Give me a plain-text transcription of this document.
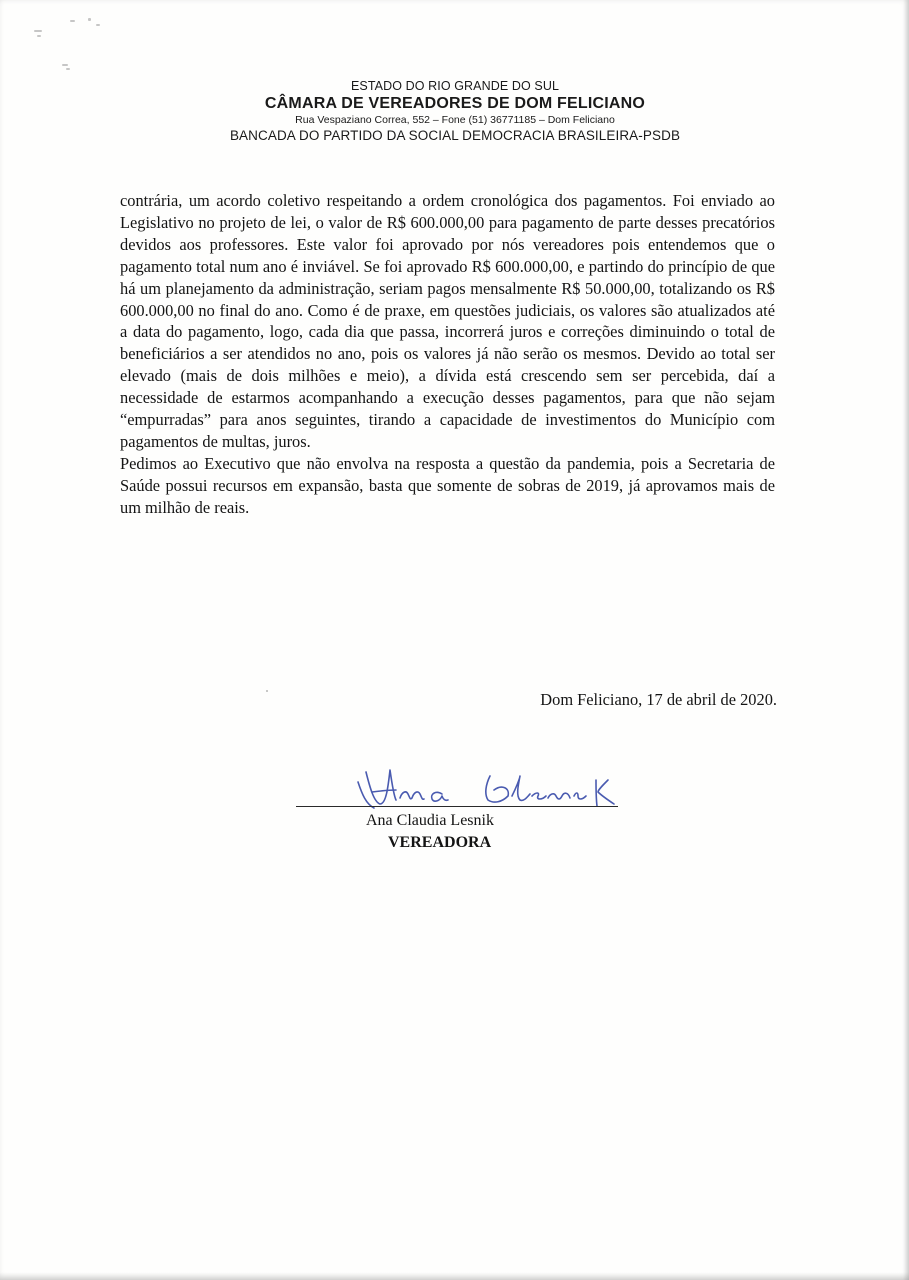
ESTADO DO RIO GRANDE DO SUL
CÂMARA DE VEREADORES DE DOM FELICIANO
Rua Vespaziano Correa, 552 – Fone (51) 36771185 – Dom Feliciano
BANCADA DO PARTIDO DA SOCIAL DEMOCRACIA BRASILEIRA-PSDB

contrária, um acordo coletivo respeitando a ordem cronológica dos pagamentos. Foi enviado ao Legislativo no projeto de lei, o valor de R$ 600.000,00 para pagamento de parte desses precatórios devidos aos professores. Este valor foi aprovado por nós vereadores pois entendemos que o pagamento total num ano é inviável. Se foi aprovado R$ 600.000,00, e partindo do princípio de que há um planejamento da administração, seriam pagos mensalmente R$ 50.000,00, totalizando os R$ 600.000,00 no final do ano. Como é de praxe, em questões judiciais, os valores são atualizados até a data do pagamento, logo, cada dia que passa, incorrerá juros e correções diminuindo o total de beneficiários a ser atendidos no ano, pois os valores já não serão os mesmos. Devido ao total ser elevado (mais de dois milhões e meio), a dívida está crescendo sem ser percebida, daí a necessidade de estarmos acompanhando a execução desses pagamentos, para que não sejam “empurradas” para anos seguintes, tirando a capacidade de investimentos do Município com pagamentos de multas, juros.

Pedimos ao Executivo que não envolva na resposta a questão da pandemia, pois a Secretaria de Saúde possui recursos em expansão, basta que somente de sobras de 2019, já aprovamos mais de um milhão de reais.

Dom Feliciano, 17 de abril de 2020.
Ana Claudia Lesnik
VEREADORA
